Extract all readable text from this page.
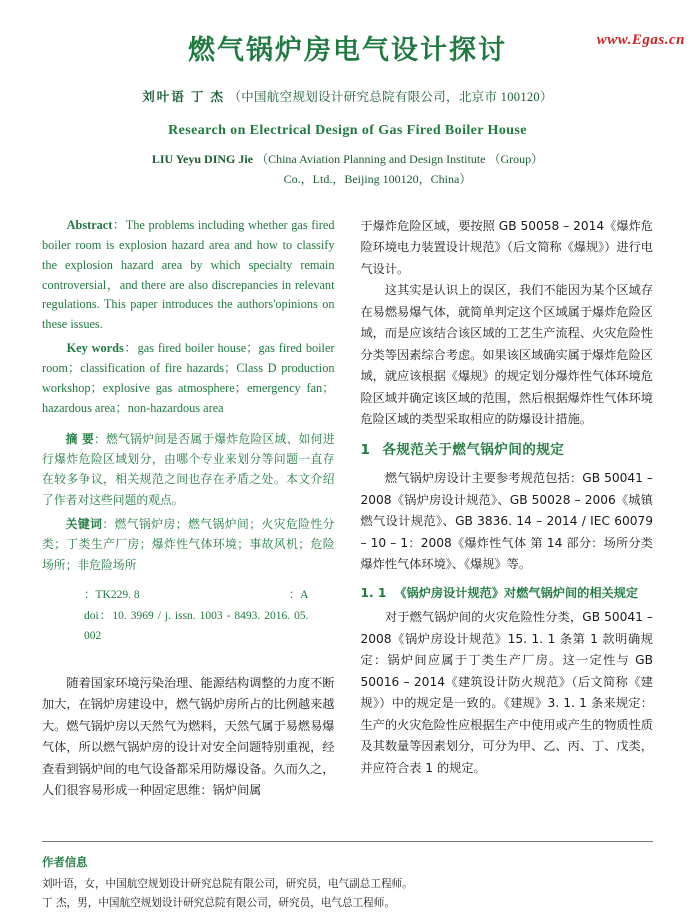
www.Egas.cn
燃气锅炉房电气设计探讨
刘叶语 丁 杰 （中国航空规划设计研究总院有限公司，北京市 100120）
Research on Electrical Design of Gas Fired Boiler House
LIU Yeyu DING Jie （China Aviation Planning and Design Institute （Group）
Co.，Ltd.，Beijing 100120，China）

Abstract：The problems including whether gas fired boiler room is explosion hazard area and how to classify the explosion hazard area by which specialty remain controversial，and there are also discrepancies in relevant regulations. This paper introduces the authors'opinions on these issues.

Key words：gas fired boiler house；gas fired boiler room；classification of fire hazards；Class D production workshop；explosive gas atmosphere；emergency fan；hazardous area；non-hazardous area

摘 要：燃气锅炉间是否属于爆炸危险区域、如何进行爆炸危险区域划分，由哪个专业来划分等问题一直存在较多争议，相关规范之间也存在矛盾之处。本文介绍了作者对这些问题的观点。

关键词：燃气锅炉房；燃气锅炉间；火灾危险性分类；丁类生产厂房；爆炸性气体环境；事故风机；危险场所；非危险场所

：TK229. 8	：A
doi：10. 3969 / j. issn. 1003 - 8493. 2016. 05. 002

随着国家环境污染治理、能源结构调整的力度不断加大，在锅炉房建设中，燃气锅炉房所占的比例越来越大。燃气锅炉房以天然气为燃料，天然气属于易燃易爆气体，所以燃气锅炉房的设计对安全问题特别重视，经查看到锅炉间的电气设备都采用防爆设备。久而久之，人们很容易形成一种固定思维：锅炉间属

于爆炸危险区域，要按照 GB 50058 – 2014《爆炸危险环境电力装置设计规范》（后文简称《爆规》）进行电气设计。

这其实是认识上的误区，我们不能因为某个区域存在易燃易爆气体，就简单判定这个区域属于爆炸危险区域，而是应该结合该区域的工艺生产流程、火灾危险性分类等因素综合考虑。如果该区域确实属于爆炸危险区域，就应该根据《爆规》的规定划分爆炸性气体环境危险区域并确定该区域的范围，然后根据爆炸性气体环境危险区域的类型采取相应的防爆设计措施。

1 各规范关于燃气锅炉间的规定

燃气锅炉房设计主要参考规范包括：GB 50041 – 2008《锅炉房设计规范》、GB 50028 – 2006《城镇燃气设计规范》、GB 3836. 14 – 2014 / IEC 60079 – 10 – 1：2008《爆炸性气体 第 14 部分：场所分类 爆炸性气体环境》、《爆规》等。

1. 1 《锅炉房设计规范》对燃气锅炉间的相关规定

对于燃气锅炉间的火灾危险性分类，GB 50041 – 2008《锅炉房设计规范》15. 1. 1 条第 1 款明确规定：锅炉间应属于丁类生产厂房。这一定性与 GB 50016 – 2014《建筑设计防火规范》（后文简称《建规》）中的规定是一致的。《建规》3. 1. 1 条来规定：生产的火灾危险性应根据生产中使用或产生的物质性质及其数量等因素划分，可分为甲、乙、丙、丁、戊类，并应符合表 1 的规定。

作者信息
刘叶语，女，中国航空规划设计研究总院有限公司，研究员，电气副总工程师。
丁 杰，男，中国航空规划设计研究总院有限公司，研究员，电气总工程师。
